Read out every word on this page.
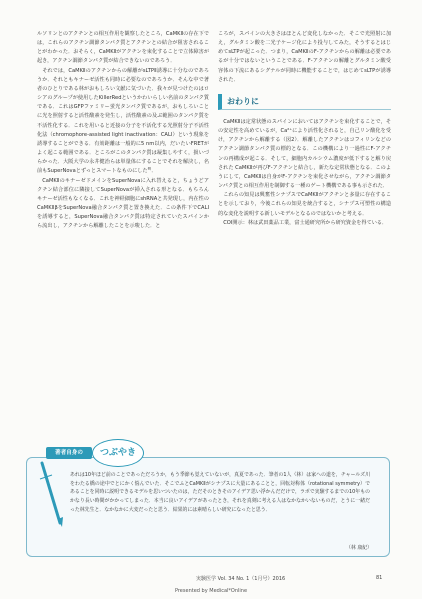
ルソリンとのアクチンとの相互作用を観察したところ，CaMKⅡの存在下では，これらのアクチン調節タンパク質とアクチンとの結合が阻害されることがわかった．おそらく，CaMKⅡがアクチンを束化することで立体障害が起き，アクチン調節タンパク質が結合できないのであろう．

それでは，CaMKⅡのアクチンからの解離がsLTPⅡ誘導に十分なのであろうか．それともキナーゼ活性も同時に必要なのであろうか．そんな中で著者のひとりである林がおもしろい文献に気づいた．我々が見つけたのはロシアのグループが使用したKillerRedというかわいらしい名前のタンパク質である．これはGFPファミリー蛍光タンパク質であるが，おもしろいことに光を照射すると活性酸素を発生し，活性酸素の及ぶ範囲のタンパク質を不活性化する．これを用いると近接の分子を不活化する光照射分子不活性化法（chromophore-assisted light inactivation：CALI）という現象を誘導することができる．有効距離は一般的に5 nm以内，だいたいFRETがよく起こる範囲である．ところがこのタンパク質は凝集しやすく，扱いづらかった．大阪大学の永井健治らは単量体にすることでそれを解決し，名前もSuperNovaとずっとスマートなものにした$^{8)}$．

CaMKⅡのキナーゼドメインをSuperNovaに入れ替えると，ちょうどアクチン結合部位に隣接してSuperNovaが挿入される形となる．もちろんキナーゼ活性もなくなる．これを神経細胞にshRNAと共発現し，内在性のCaMKⅡβをSuperNova融合タンパク質と置き換えた．この条件下でCALIを誘導すると，SuperNova融合タンパク質は特定されていたスパインから流出し，アクチンから解離したことを示唆した．と

ころが，スパインの大きさはほとんど変化しなかった．そこで光照射に加え，グルタミン酸を二光子ケージ化により投与してみた，そうするとはじめてsLTPが起こった．つまり，CaMKⅡのF-アクチンからの解離は必要であるが十分ではないということである．F-アクチンの解離とグルタミン酸受容体の下流にあるシグナルが同時に機能することで，はじめてsLTPが誘導された．

おわりに

CaMKⅡは定常状態のスパインにおいてはアクチンを束化することで，その安定性を高めているが，Ca²⁺により活性化されると，自己リン酸化を受け，アクチンから解離する（図2）．解離したアクチンはコフィリンなどのアクチン調節タンパク質の標的となる．この機構により一過性にF-アクチンの再構成が起こる．そして，細胞内カルシウム濃度が低下すると解り戻された CaMKⅡが再びF-アクチンと結合し，新たな定常状態となる．このようにして，CaMKⅡは自身がF-アクチンを束化させながら，アクチン調節タンパク質との相互作用を制御する一種のゲート機構である事も示された．

これらの知見は興奮性シナプスでCaMKⅡがアクチンと多量に存在することを示しており，今後これらの知見を統合すると，シナプス可塑性の構造的な変化を説明する新しいモデルとなるのではないかと考える．

COI開示：林は武田薬品工業，富士通研究所から研究資金を得ている．

著者自身の	つぶやき
あれは10年ほど前のことであっただろうか，もう季節も覚えていないが，真夏であった．筆者の1人（林）は家への道を，チャールズ川をわたる橋の途中でとにかく悩んでいた．そこでふとCaMKⅡがシナプスに大量にあることと，回転対称体（rotational symmetry）であることを同時に説明できるモデルを思いついたのは，ただそのときそのアイデア思い浮かんだだけで，ラボで実験するまでの10年ものかなり長い時間がかかってしまった．本当に良いアイデアがあったとき，それを真剣に考える人はなかなかいないものだ，とうに一緒だった林先生と．なかなかに大変だったと思う．結果的には素晴らしい研究になったと思う．
（林 康紀）
実験医学 Vol. 34 No. 1（1月号）2016	81
Presented by Medical*Online
